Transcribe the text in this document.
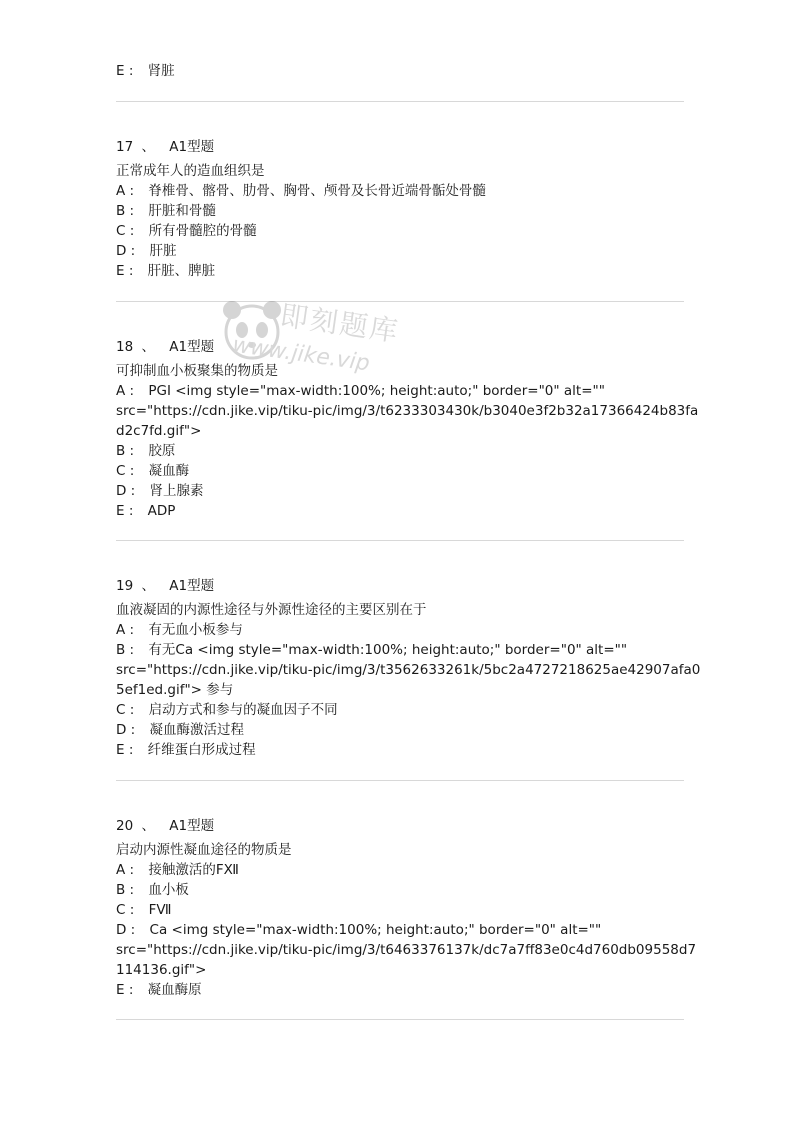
E : 肾脏
17 、 A1型题
正常成年人的造血组织是
A : 脊椎骨、髂骨、肋骨、胸骨、颅骨及长骨近端骨骺处骨髓
B : 肝脏和骨髓
C : 所有骨髓腔的骨髓
D : 肝脏
E : 肝脏、脾脏
18 、 A1型题
可抑制血小板聚集的物质是
A : PGI <img style="max-width:100%; height:auto;" border="0" alt=""
src="https://cdn.jike.vip/tiku-pic/img/3/t6233303430k/b3040e3f2b32a17366424b83fa
d2c7fd.gif">
B : 胶原
C : 凝血酶
D : 肾上腺素
E : ADP
19 、 A1型题
血液凝固的内源性途径与外源性途径的主要区别在于
A : 有无血小板参与
B : 有无Ca <img style="max-width:100%; height:auto;" border="0" alt=""
src="https://cdn.jike.vip/tiku-pic/img/3/t3562633261k/5bc2a4727218625ae42907afa0
5ef1ed.gif"> 参与
C : 启动方式和参与的凝血因子不同
D : 凝血酶激活过程
E : 纤维蛋白形成过程
20 、 A1型题
启动内源性凝血途径的物质是
A : 接触激活的FⅫ
B : 血小板
C : FⅦ
D : Ca <img style="max-width:100%; height:auto;" border="0" alt=""
src="https://cdn.jike.vip/tiku-pic/img/3/t6463376137k/dc7a7ff83e0c4d760db09558d7
114136.gif">
E : 凝血酶原
即刻题库
www.jike.vip
